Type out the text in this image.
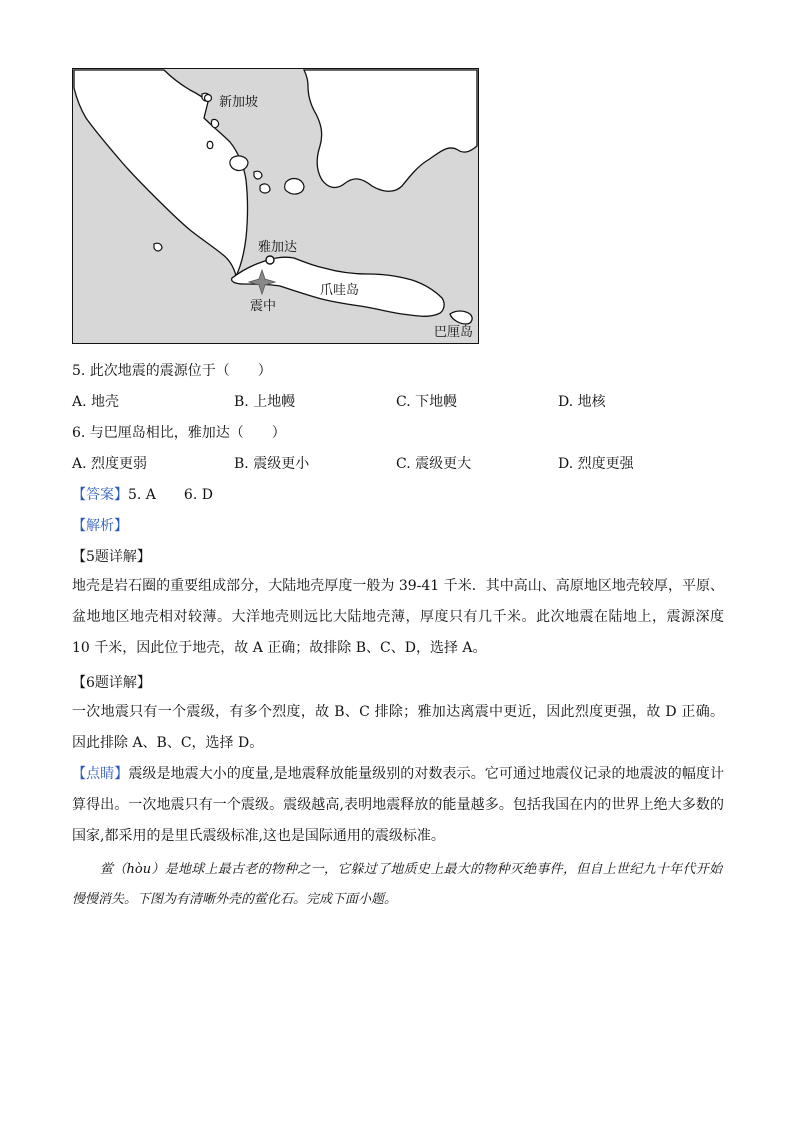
新加坡
雅加达
爪哇岛
震中
巴厘岛
5. 此次地震的震源位于（　　）
A. 地壳	B. 上地幔	C. 下地幔	D. 地核
6. 与巴厘岛相比，雅加达（　　）
A. 烈度更弱	B. 震级更小	C. 震级更大	D. 烈度更强
【答案】5. A　　6. D
【解析】
【5题详解】
地壳是岩石圈的重要组成部分，大陆地壳厚度一般为 39-41 千米．其中高山、高原地区地壳较厚，平原、盆地地区地壳相对较薄。大洋地壳则远比大陆地壳薄，厚度只有几千米。此次地震在陆地上，震源深度 10 千米，因此位于地壳，故 A 正确；故排除 B、C、D，选择 A。
【6题详解】
一次地震只有一个震级，有多个烈度，故 B、C 排除；雅加达离震中更近，因此烈度更强，故 D 正确。因此排除 A、B、C，选择 D。
【点睛】震级是地震大小的度量,是地震释放能量级别的对数表示。它可通过地震仪记录的地震波的幅度计算得出。一次地震只有一个震级。震级越高,表明地震释放的能量越多。包括我国在内的世界上绝大多数的国家,都采用的是里氏震级标准,这也是国际通用的震级标准。
鲎（hòu）是地球上最古老的物种之一，它躲过了地质史上最大的物种灭绝事件，但自上世纪九十年代开始慢慢消失。下图为有清晰外壳的鲎化石。完成下面小题。
